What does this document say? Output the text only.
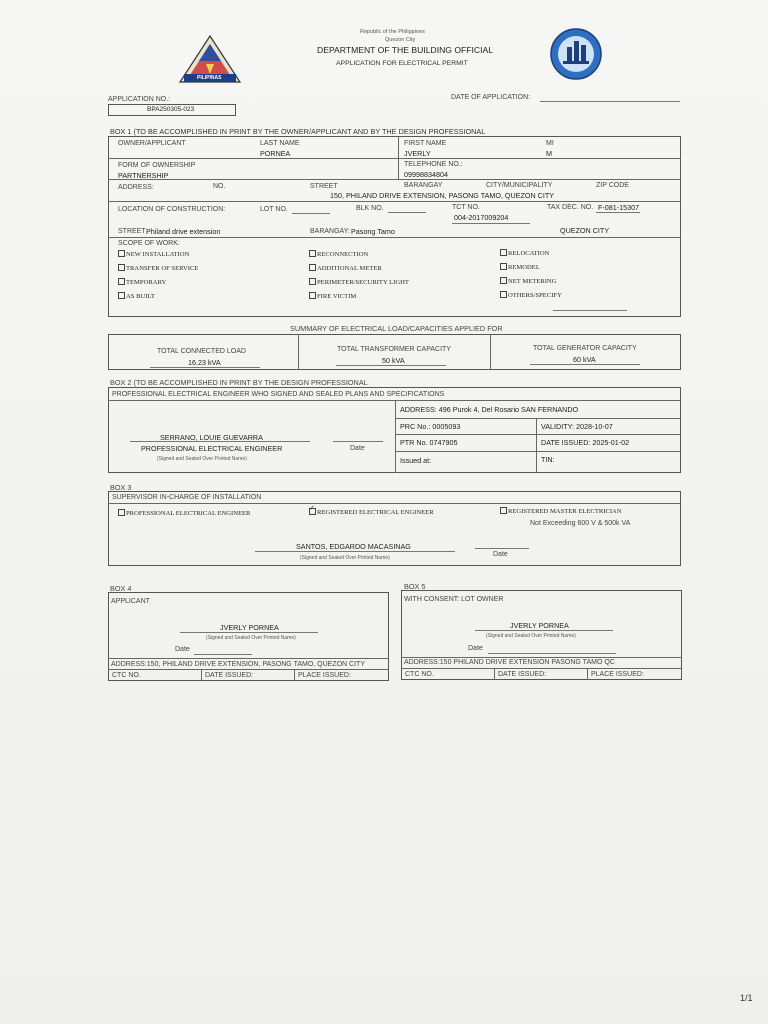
PILIPINAS
Republic of the Philippines
Quezon City
DEPARTMENT OF THE BUILDING OFFICIAL
APPLICATION FOR ELECTRICAL PERMIT
APPLICATION NO.:
BPA250305-023
DATE OF APPLICATION:
BOX 1 (TO BE ACCOMPLISHED IN PRINT BY THE OWNER/APPLICANT AND BY THE DESIGN PROFESSIONAL
OWNER/APPLICANT	LAST NAME
PORNEA
FIRST NAME
JVERLY
MI
M
FORM OF OWNERSHIP
PARTNERSHIP
TELEPHONE NO.:
09998834804
ADDRESS:	NO.	STREET	BARANGAY	CITY/MUNICIPALITY	ZIP CODE
150, PHILAND DRIVE EXTENSION, PASONG TAMO, QUEZON CITY
LOCATION OF CONSTRUCTION:	LOT NO.	BLK NO.	TCT NO.
004-2017009204
TAX DEC. NO. F-081-15307
STREET Philand drive extension	BARANGAY: Pasong Tamo	QUEZON CITY
SCOPE OF WORK:
NEW INSTALLATION
TRANSFER OF SERVICE
TEMPORARY
AS BUILT
RECONNECTION
ADDITIONAL METER
PERIMETER/SECURITY LIGHT
FIRE VICTIM
RELOCATION
REMODEL
NET METERING
OTHERS/SPECIFY
SUMMARY OF ELECTRICAL LOAD/CAPACITIES APPLIED FOR
TOTAL CONNECTED LOAD
16.23 kVA
TOTAL TRANSFORMER CAPACITY
50 kVA
TOTAL GENERATOR CAPACITY
60 kVA
BOX 2 (TO BE ACCOMPLISHED IN PRINT BY THE DESIGN PROFESSIONAL
PROFESSIONAL ELECTRICAL ENGINEER WHO SIGNED AND SEALED PLANS AND SPECIFICATIONS
SERRANO, LOUIE GUEVARRA
PROFESSIONAL ELECTRICAL ENGINEER
(Signed and Sealed Over Printed Name)
Date
ADDRESS: 496 Purok 4, Del Rosario SAN FERNANDO
PRC No.: 0005093	VALIDITY: 2028-10-07
PTR No. 0747905	DATE ISSUED: 2025-01-02
Issued at:	TIN:
BOX 3
SUPERVISOR IN-CHARGE OF INSTALLATION
PROFESSIONAL ELECTRICAL ENGINEER
✓	REGISTERED ELECTRICAL ENGINEER	REGISTERED MASTER ELECTRICIAN
Not Exceeding 600 V & 500k VA
SANTOS, EDGARDO MACASINAG
(Signed and Sealed Over Printed Name)	Date
BOX 4
APPLICANT
JVERLY PORNEA
(Signed and Sealed Over Printed Name)
Date
ADDRESS:150, PHILAND DRIVE EXTENSION, PASONG TAMO, QUEZON CITY
CTC NO.	DATE ISSUED:	PLACE ISSUED:
BOX 5
WITH CONSENT: LOT OWNER
JVERLY PORNEA
(Signed and Sealed Over Printed Name)
Date
ADDRESS:150 PHILAND DRIVE EXTENSION PASONG TAMO QC
CTC NO.	DATE ISSUED:	PLACE ISSUED:
1/1
